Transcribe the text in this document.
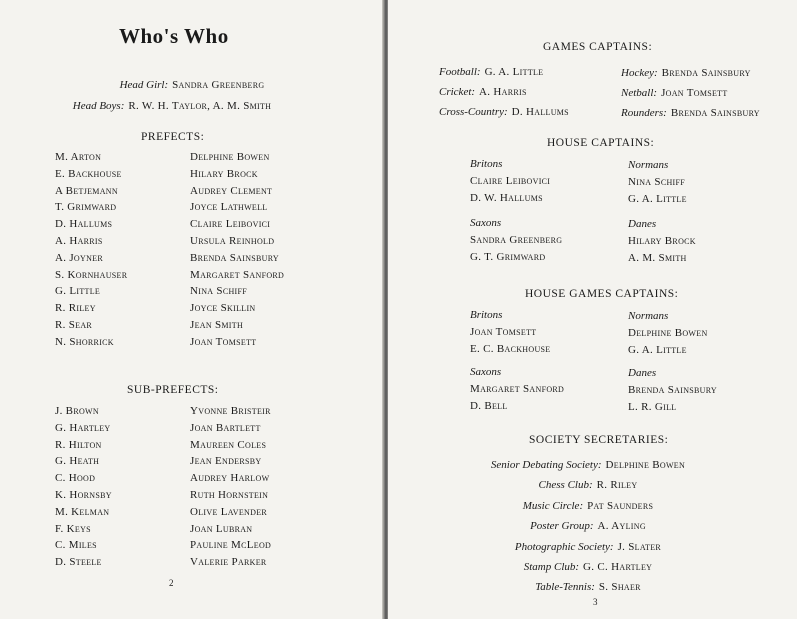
Who's Who
Head Girl: Sandra Greenberg
Head Boys: R. W. H. Taylor, A. M. Smith
PREFECTS:
M. Arton
E. Backhouse
A Betjemann
T. Grimward
D. Hallums
A. Harris
A. Joyner
S. Kornhauser
G. Little
R. Riley
R. Sear
N. Shorrick
Delphine Bowen
Hilary Brock
Audrey Clement
Joyce Lathwell
Claire Leibovici
Ursula Reinhold
Brenda Sainsbury
Margaret Sanford
Nina Schiff
Joyce Skillin
Jean Smith
Joan Tomsett
SUB-PREFECTS:
J. Brown
G. Hartley
R. Hilton
G. Heath
C. Hood
K. Hornsby
M. Kelman
F. Keys
C. Miles
D. Steele
Yvonne Bristeir
Joan Bartlett
Maureen Coles
Jean Endersby
Audrey Harlow
Ruth Hornstein
Olive Lavender
Joan Lubran
Pauline McLeod
Valerie Parker
2
GAMES CAPTAINS:
Football: G. A. Little	Hockey: Brenda Sainsbury
Cricket: A. Harris	Netball: Joan Tomsett
Cross-Country: D. Hallums	Rounders: Brenda Sainsbury
HOUSE CAPTAINS:
Britons
Claire Leibovici
D. W. Hallums
Normans
Nina Schiff
G. A. Little
Saxons
Sandra Greenberg
G. T. Grimward
Danes
Hilary Brock
A. M. Smith
HOUSE GAMES CAPTAINS:
Britons
Joan Tomsett
E. C. Backhouse
Normans
Delphine Bowen
G. A. Little
Saxons
Margaret Sanford
D. Bell
Danes
Brenda Sainsbury
L. R. Gill
SOCIETY SECRETARIES:
Senior Debating Society: Delphine Bowen
Chess Club: R. Riley
Music Circle: Pat Saunders
Poster Group: A. Ayling
Photographic Society: J. Slater
Stamp Club: G. C. Hartley
Table-Tennis: S. Shaer
3
